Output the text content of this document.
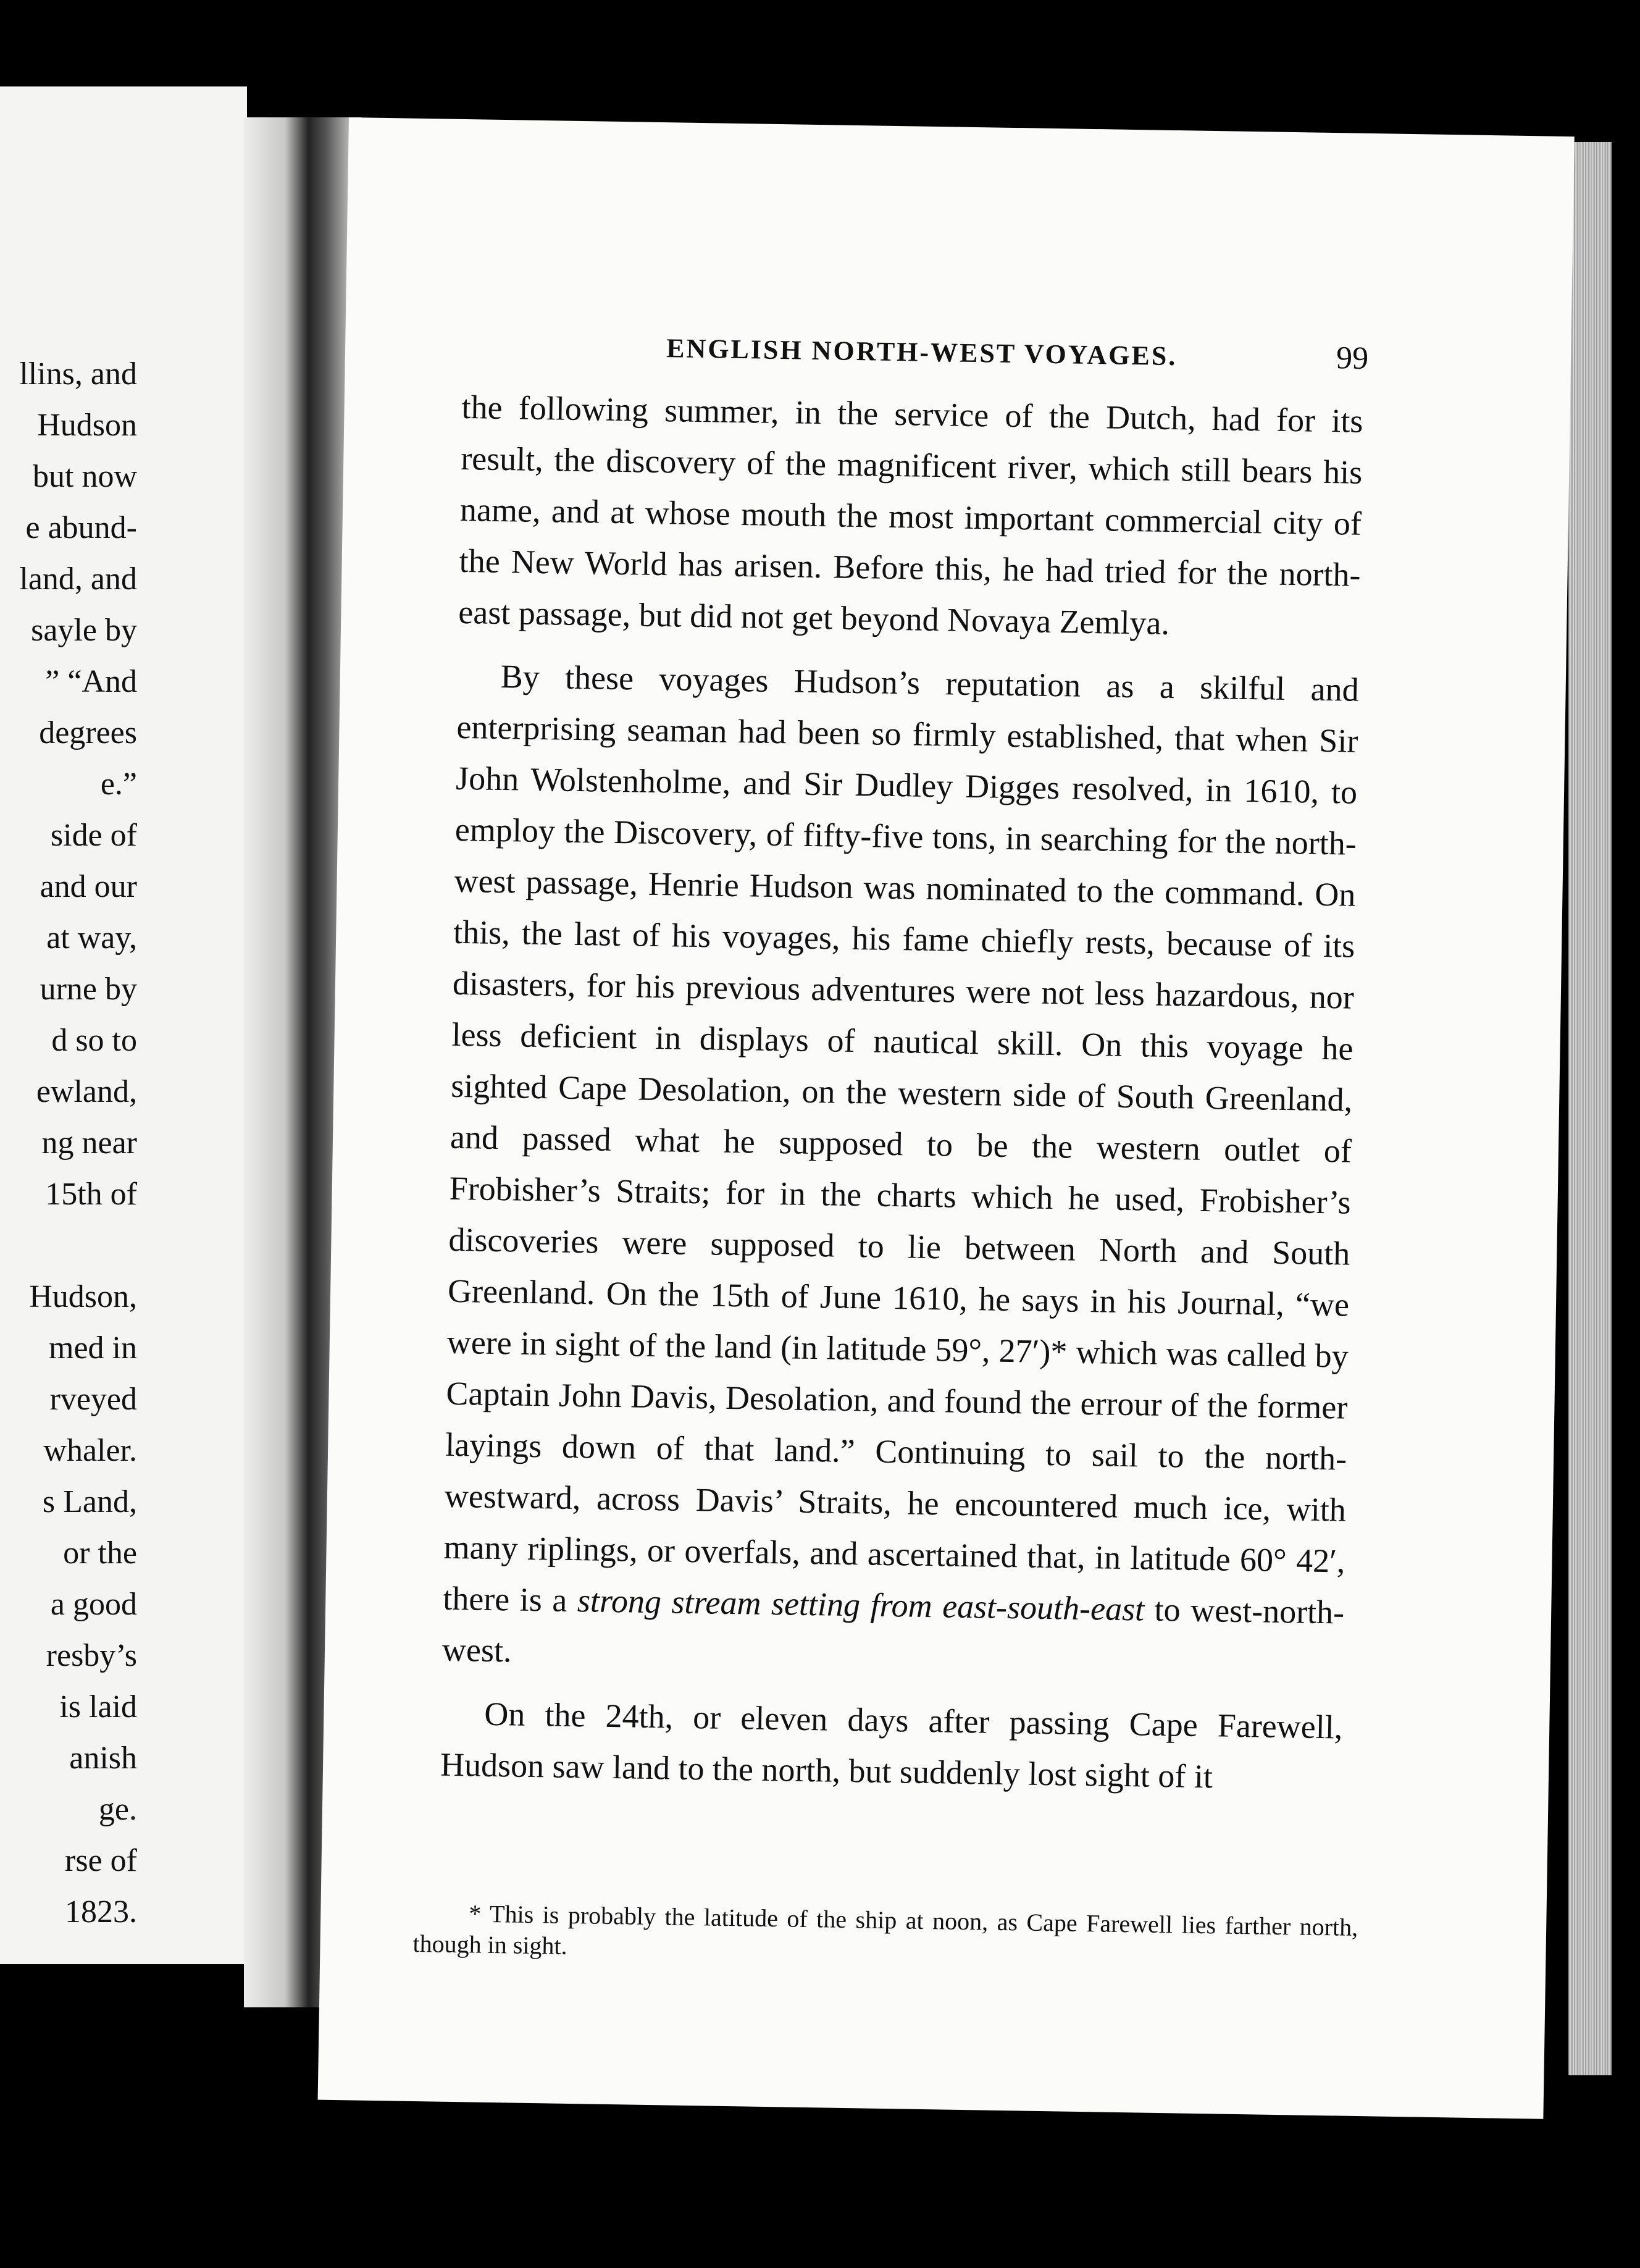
ENGLISH NORTH-WEST VOYAGES.	99

the following summer, in the service of the Dutch, had for its result, the discovery of the magnificent river, which still bears his name, and at whose mouth the most important commercial city of the New World has arisen. Before this, he had tried for the north-east passage, but did not get beyond Novaya Zemlya.

By these voyages Hudson’s reputation as a skilful and enterprising seaman had been so firmly established, that when Sir John Wolstenholme, and Sir Dudley Digges resolved, in 1610, to employ the Discovery, of fifty-five tons, in searching for the north-west passage, Henrie Hudson was nominated to the command. On this, the last of his voyages, his fame chiefly rests, because of its disasters, for his previous adventures were not less hazardous, nor less deficient in displays of nautical skill. On this voyage he sighted Cape Desolation, on the western side of South Greenland, and passed what he supposed to be the western outlet of Frobisher’s Straits; for in the charts which he used, Frobisher’s discoveries were supposed to lie between North and South Greenland. On the 15th of June 1610, he says in his Journal, “we were in sight of the land (in latitude 59°, 27′)* which was called by Captain John Davis, Desolation, and found the errour of the former layings down of that land.” Continuing to sail to the north-westward, across Davis’ Straits, he encountered much ice, with many riplings, or overfals, and ascertained that, in latitude 60° 42′, there is a strong stream setting from east-south-east to west-north-west.

On the 24th, or eleven days after passing Cape Farewell, Hudson saw land to the north, but suddenly lost sight of it

* This is probably the latitude of the ship at noon, as Cape Farewell lies farther north, though in sight.

llins, and
Hudson
but now
e abund-
land, and
sayle by
” “And
degrees
e.”
side of
and our
at way,
urne by
d so to
ewland,
ng near
15th of
Hudson,
med in
rveyed
whaler.
s Land,
or the
a good
resby’s
is laid
anish
ge.
rse of
1823.
